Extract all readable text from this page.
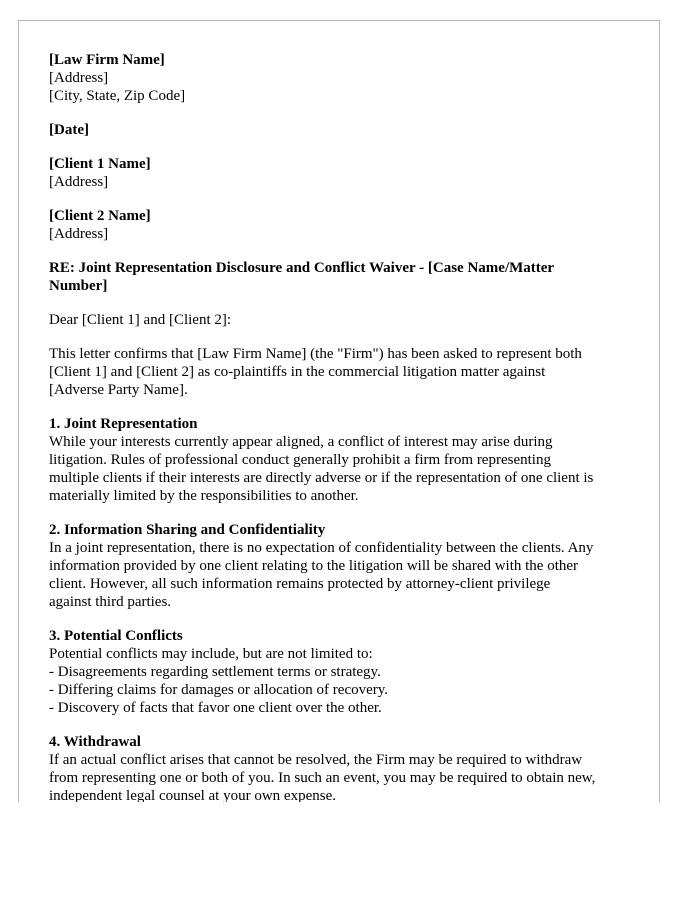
[Law Firm Name]
[Address]
[City, State, Zip Code]
[Date]
[Client 1 Name]
[Address]
[Client 2 Name]
[Address]
RE: Joint Representation Disclosure and Conflict Waiver - [Case Name/Matter
Number]
Dear [Client 1] and [Client 2]:
This letter confirms that [Law Firm Name] (the "Firm") has been asked to represent both
[Client 1] and [Client 2] as co-plaintiffs in the commercial litigation matter against
[Adverse Party Name].
1. Joint Representation
While your interests currently appear aligned, a conflict of interest may arise during
litigation. Rules of professional conduct generally prohibit a firm from representing
multiple clients if their interests are directly adverse or if the representation of one client is
materially limited by the responsibilities to another.
2. Information Sharing and Confidentiality
In a joint representation, there is no expectation of confidentiality between the clients. Any
information provided by one client relating to the litigation will be shared with the other
client. However, all such information remains protected by attorney-client privilege
against third parties.
3. Potential Conflicts
Potential conflicts may include, but are not limited to:
- Disagreements regarding settlement terms or strategy.
- Differing claims for damages or allocation of recovery.
- Discovery of facts that favor one client over the other.
4. Withdrawal
If an actual conflict arises that cannot be resolved, the Firm may be required to withdraw
from representing one or both of you. In such an event, you may be required to obtain new,
independent legal counsel at your own expense.
